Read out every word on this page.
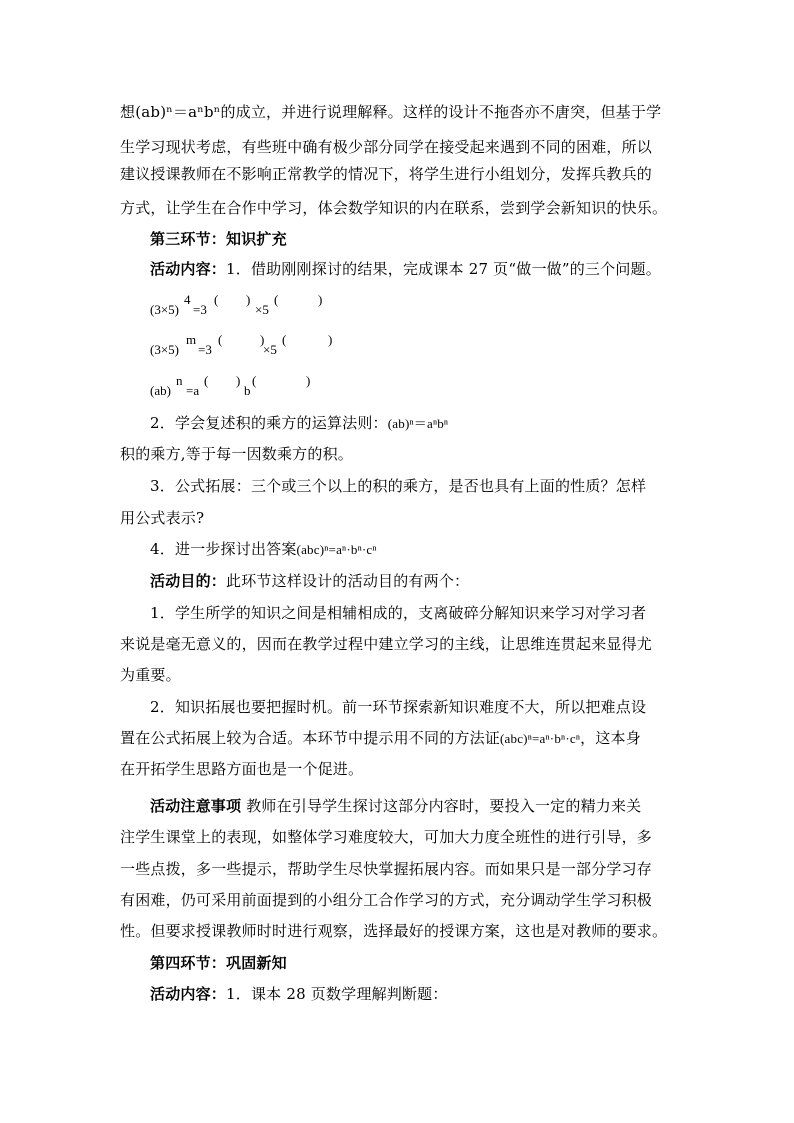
想(ab)ⁿ＝aⁿbⁿ的成立，并进行说理解释。这样的设计不拖沓亦不唐突，但基于学
生学习现状考虑，有些班中确有极少部分同学在接受起来遇到不同的困难，所以
建议授课教师在不影响正常教学的情况下，将学生进行小组划分，发挥兵教兵的
方式，让学生在合作中学习，体会数学知识的内在联系，尝到学会新知识的快乐。
第三环节：知识扩充
活动内容：1．借助刚刚探讨的结果，完成课本 27 页“做一做”的三个问题。
(3×5)
4
=3
( )
×5
(	)
(3×5)
m
=3
(	)
×5
(	)
(ab)
n
=a
( )
b
(	)
2．学会复述积的乘方的运算法则：(ab)ⁿ＝aⁿbⁿ
积的乘方,等于每一因数乘方的积。
3．公式拓展：三个或三个以上的积的乘方，是否也具有上面的性质？怎样
用公式表示?
4．进一步探讨出答案(abc)ⁿ=aⁿ·bⁿ·cⁿ
活动目的：此环节这样设计的活动目的有两个：
1．学生所学的知识之间是相辅相成的，支离破碎分解知识来学习对学习者
来说是毫无意义的，因而在教学过程中建立学习的主线，让思维连贯起来显得尤
为重要。
2．知识拓展也要把握时机。前一环节探索新知识难度不大，所以把难点设
置在公式拓展上较为合适。本环节中提示用不同的方法证(abc)ⁿ=aⁿ·bⁿ·cⁿ，这本身
在开拓学生思路方面也是一个促进。
活动注意事项 教师在引导学生探讨这部分内容时，要投入一定的精力来关
注学生课堂上的表现，如整体学习难度较大，可加大力度全班性的进行引导，多
一些点拨，多一些提示，帮助学生尽快掌握拓展内容。而如果只是一部分学习存
有困难，仍可采用前面提到的小组分工合作学习的方式，充分调动学生学习积极
性。但要求授课教师时时进行观察，选择最好的授课方案，这也是对教师的要求。
第四环节：巩固新知
活动内容：1．课本 28 页数学理解判断题：
